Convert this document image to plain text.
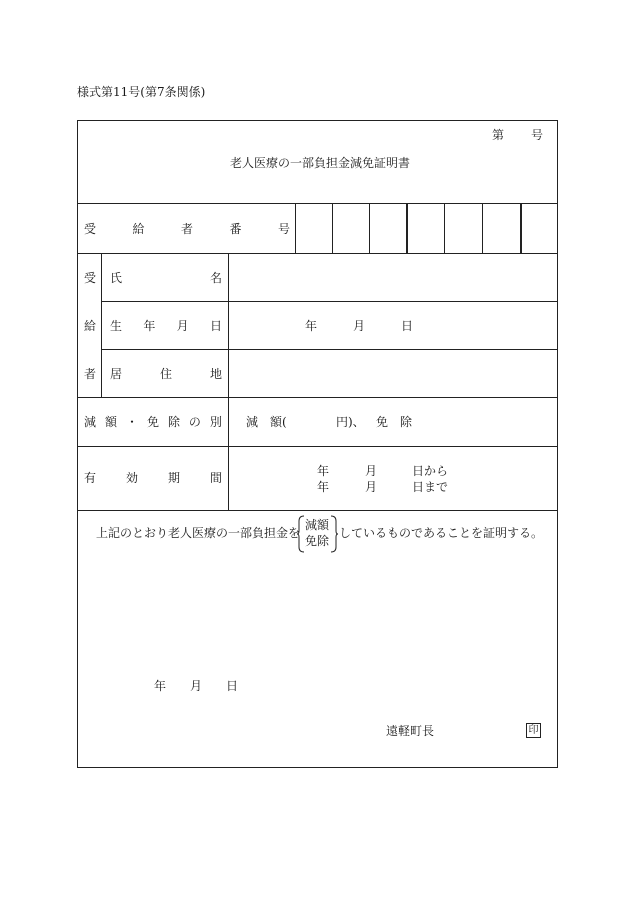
様式第11号(第7条関係)
第 号
老人医療の一部負担金減免証明書
受	給	者	番	号
受
給
者
氏	名
生 年 月 日	年	月	日
居	住	地
減 額 ・ 免 除 の 別 減　額(	円)、 免　除
有 効 期 間	年	月	日から
年	月	日まで
上記のとおり老人医療の一部負担金を
減額
免除
しているものであることを証明する。
年 月 日
遠軽町長	印
